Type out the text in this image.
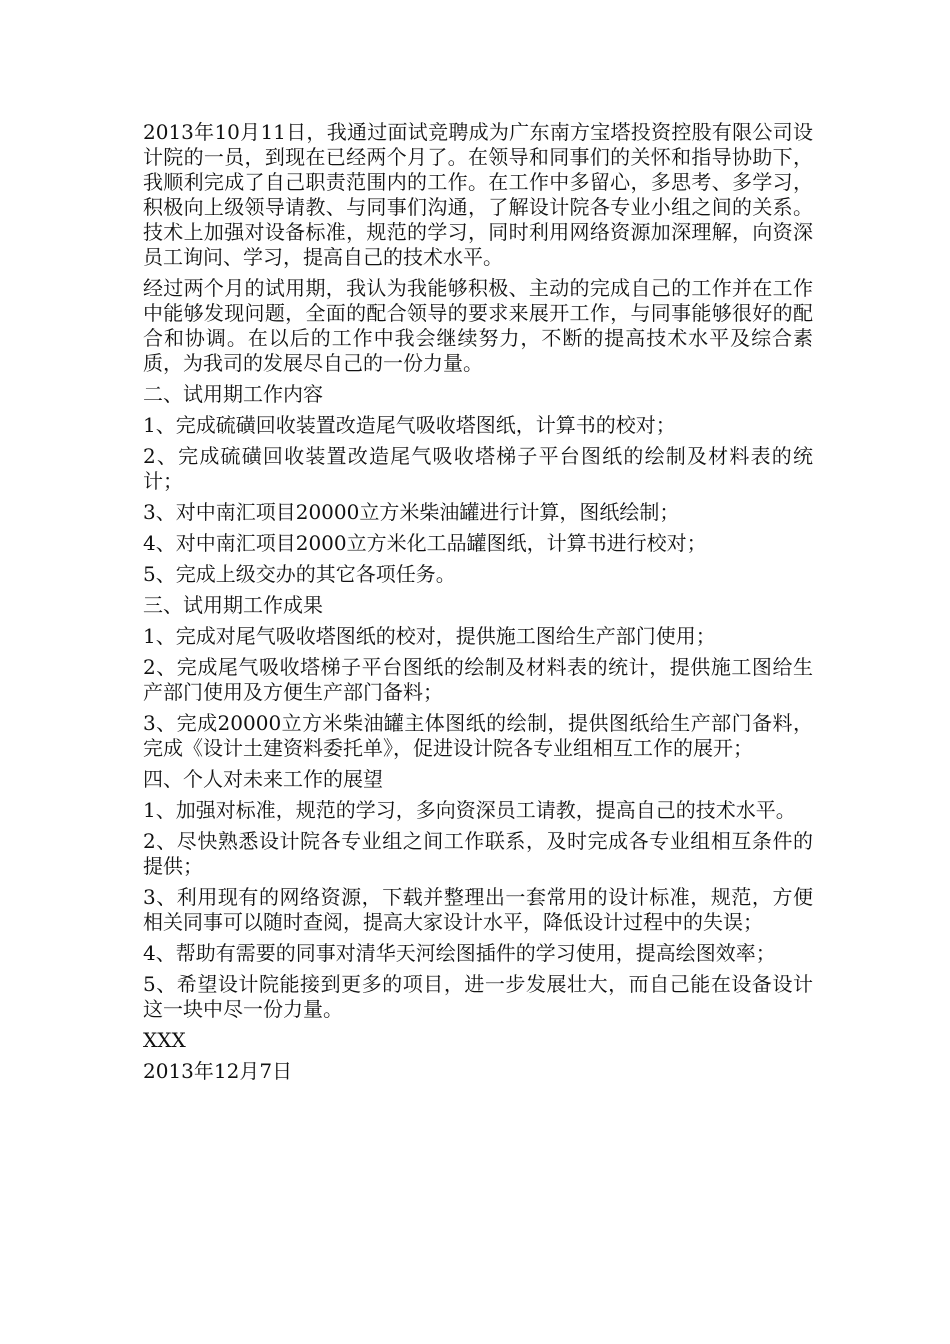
2013年10月11日，我通过面试竞聘成为广东南方宝塔投资控股有限公司设计院的一员，到现在已经两个月了。在领导和同事们的关怀和指导协助下，我顺利完成了自己职责范围内的工作。在工作中多留心，多思考、多学习，积极向上级领导请教、与同事们沟通，了解设计院各专业小组之间的关系。技术上加强对设备标准，规范的学习，同时利用网络资源加深理解，向资深员工询问、学习，提高自己的技术水平。

经过两个月的试用期，我认为我能够积极、主动的完成自己的工作并在工作中能够发现问题，全面的配合领导的要求来展开工作，与同事能够很好的配合和协调。在以后的工作中我会继续努力，不断的提高技术水平及综合素质，为我司的发展尽自己的一份力量。

二、试用期工作内容

1、完成硫磺回收装置改造尾气吸收塔图纸，计算书的校对；

2、完成硫磺回收装置改造尾气吸收塔梯子平台图纸的绘制及材料表的统计；

3、对中南汇项目20000立方米柴油罐进行计算，图纸绘制；

4、对中南汇项目2000立方米化工品罐图纸，计算书进行校对；

5、完成上级交办的其它各项任务。

三、试用期工作成果

1、完成对尾气吸收塔图纸的校对，提供施工图给生产部门使用；

2、完成尾气吸收塔梯子平台图纸的绘制及材料表的统计，提供施工图给生产部门使用及方便生产部门备料；

3、完成20000立方米柴油罐主体图纸的绘制，提供图纸给生产部门备料，完成《设计土建资料委托单》，促进设计院各专业组相互工作的展开；

四、个人对未来工作的展望

1、加强对标准，规范的学习，多向资深员工请教，提高自己的技术水平。

2、尽快熟悉设计院各专业组之间工作联系，及时完成各专业组相互条件的提供；

3、利用现有的网络资源，下载并整理出一套常用的设计标准，规范，方便相关同事可以随时查阅，提高大家设计水平，降低设计过程中的失误；

4、帮助有需要的同事对清华天河绘图插件的学习使用，提高绘图效率；

5、希望设计院能接到更多的项目，进一步发展壮大，而自己能在设备设计这一块中尽一份力量。

XXX

2013年12月7日
